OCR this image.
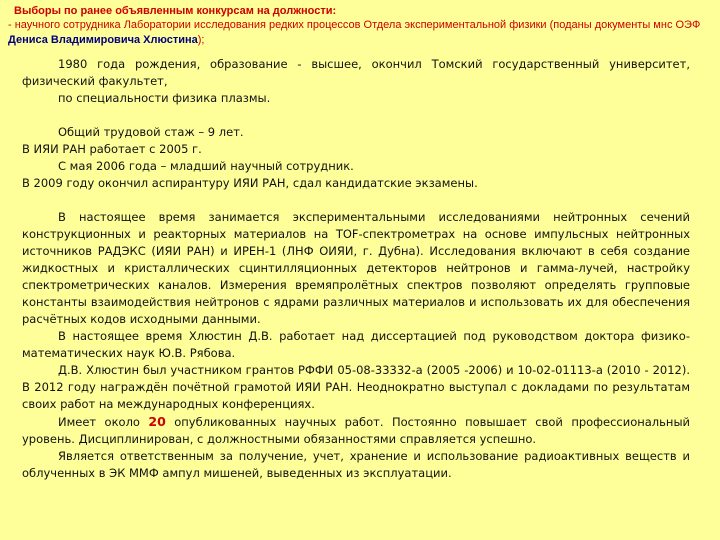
Выборы по ранее объявленным конкурсам на должности:
- научного сотрудника Лаборатории исследования редких процессов Отдела экспериментальной физики (поданы документы мнс ОЭФ Дениса Владимировича Хлюстина);

1980 года рождения, образование - высшее, окончил Томский государственный университет, физический факультет,

по специальности физика плазмы.

Общий трудовой стаж – 9 лет.

В ИЯИ РАН работает с 2005 г.

С мая 2006 года – младший научный сотрудник.

В 2009 году окончил аспирантуру ИЯИ РАН, сдал кандидатские экзамены.

В настоящее время занимается экспериментальными исследованиями нейтронных сечений конструкционных и реакторных материалов на TOF-спектрометрах на основе импульсных нейтронных источников РАДЭКС (ИЯИ РАН) и ИРЕН-1 (ЛНФ ОИЯИ, г. Дубна). Исследования включают в себя создание жидкостных и кристаллических сцинтилляционных детекторов нейтронов и гамма-лучей, настройку спектрометрических каналов. Измерения времяпролётных спектров позволяют определять групповые константы взаимодействия нейтронов с ядрами различных материалов и использовать их для обеспечения расчётных кодов исходными данными.

В настоящее время Хлюстин Д.В. работает над диссертацией под руководством доктора физико-математических наук Ю.В. Рябова.

Д.В. Хлюстин был участником грантов РФФИ 05-08-33332-а (2005 -2006) и 10-02-01113-а (2010 - 2012). В 2012 году награждён почётной грамотой ИЯИ РАН. Неоднократно выступал с докладами по результатам своих работ на международных конференциях.

Имеет около 20 опубликованных научных работ. Постоянно повышает свой профессиональный уровень. Дисциплинирован, с должностными обязанностями справляется успешно.

Является ответственным за получение, учет, хранение и использование радиоактивных веществ и облученных в ЭК ММФ ампул мишеней, выведенных из эксплуатации.
